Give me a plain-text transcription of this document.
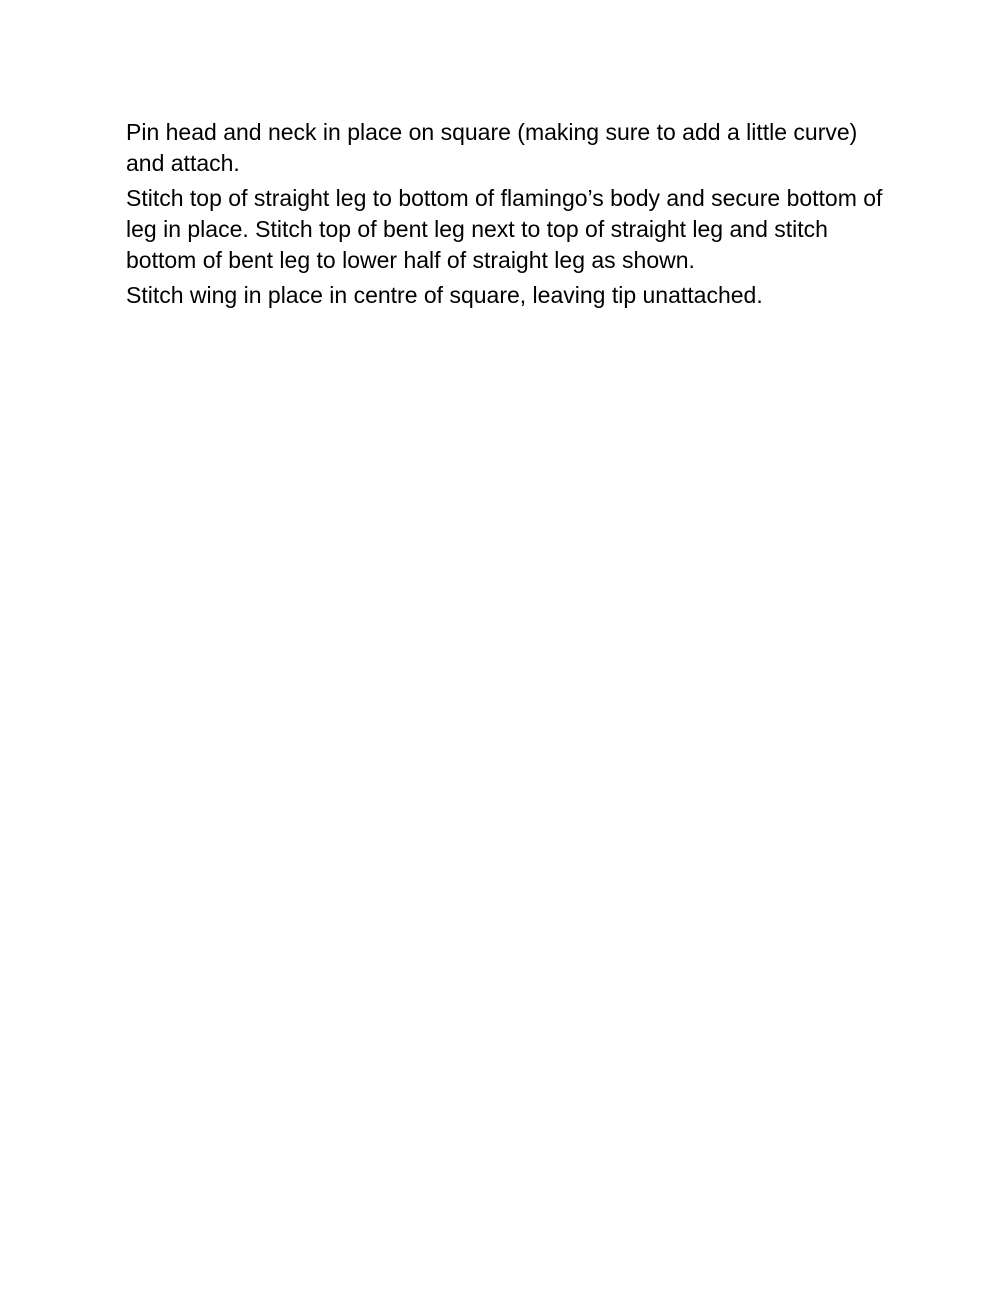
Pin head and neck in place on square (making sure to add a little curve) and attach.

Stitch top of straight leg to bottom of flamingo’s body and secure bottom of leg in place. Stitch top of bent leg next to top of straight leg and stitch bottom of bent leg to lower half of straight leg as shown.

Stitch wing in place in centre of square, leaving tip unattached.
